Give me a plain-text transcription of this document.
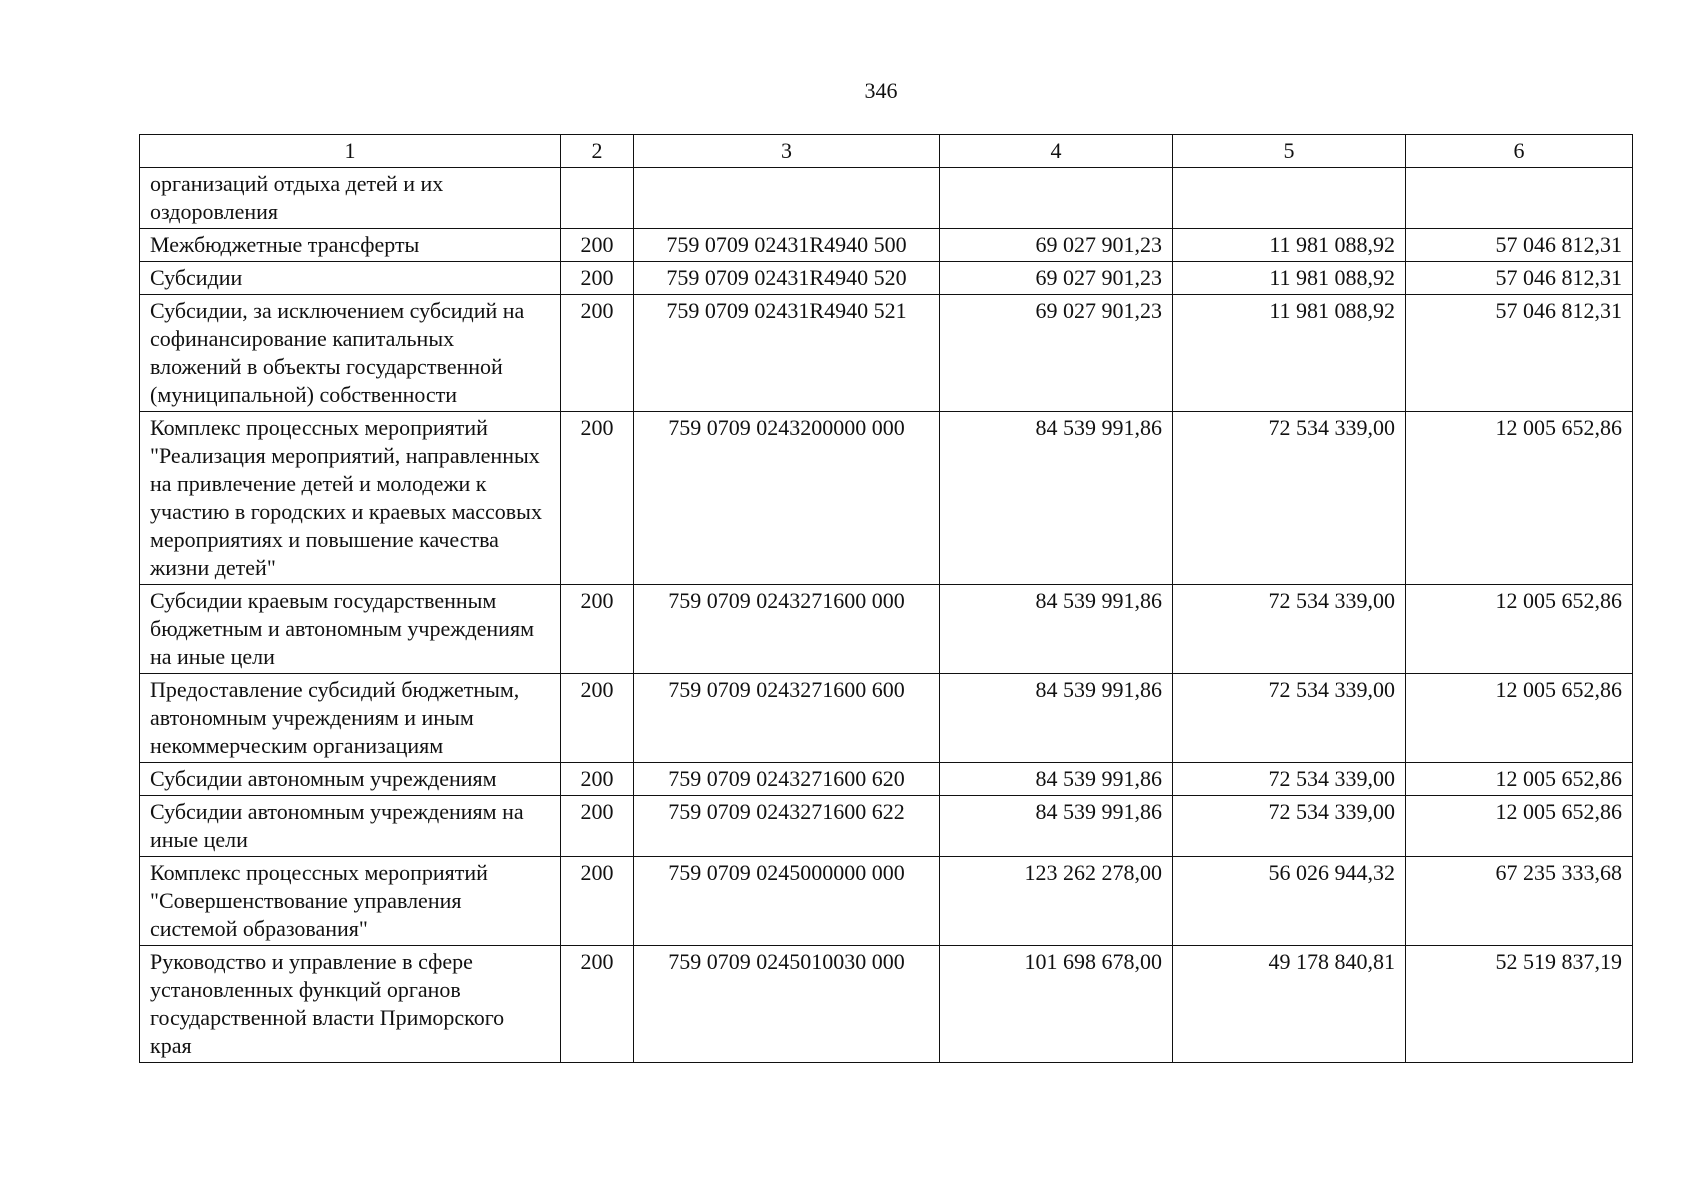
346
1	2	3	4	5	6
организаций отдыха детей и их оздоровления					
Межбюджетные трансферты	200	759 0709 02431R4940 500	69 027 901,23	11 981 088,92	57 046 812,31
Субсидии	200	759 0709 02431R4940 520	69 027 901,23	11 981 088,92	57 046 812,31
Субсидии, за исключением субсидий на софинансирование капитальных вложений в объекты государственной (муниципальной) собственности	200	759 0709 02431R4940 521	69 027 901,23	11 981 088,92	57 046 812,31
Комплекс процессных мероприятий "Реализация мероприятий, направленных на привлечение детей и молодежи к участию в городских и краевых массовых мероприятиях и повышение качества жизни детей"	200	759 0709 0243200000 000	84 539 991,86	72 534 339,00	12 005 652,86
Субсидии краевым государственным бюджетным и автономным учреждениям на иные цели	200	759 0709 0243271600 000	84 539 991,86	72 534 339,00	12 005 652,86
Предоставление субсидий бюджетным, автономным учреждениям и иным некоммерческим организациям	200	759 0709 0243271600 600	84 539 991,86	72 534 339,00	12 005 652,86
Субсидии автономным учреждениям	200	759 0709 0243271600 620	84 539 991,86	72 534 339,00	12 005 652,86
Субсидии автономным учреждениям на иные цели	200	759 0709 0243271600 622	84 539 991,86	72 534 339,00	12 005 652,86
Комплекс процессных мероприятий "Совершенствование управления системой образования"	200	759 0709 0245000000 000	123 262 278,00	56 026 944,32	67 235 333,68
Руководство и управление в сфере установленных функций органов государственной власти Приморского края	200	759 0709 0245010030 000	101 698 678,00	49 178 840,81	52 519 837,19
